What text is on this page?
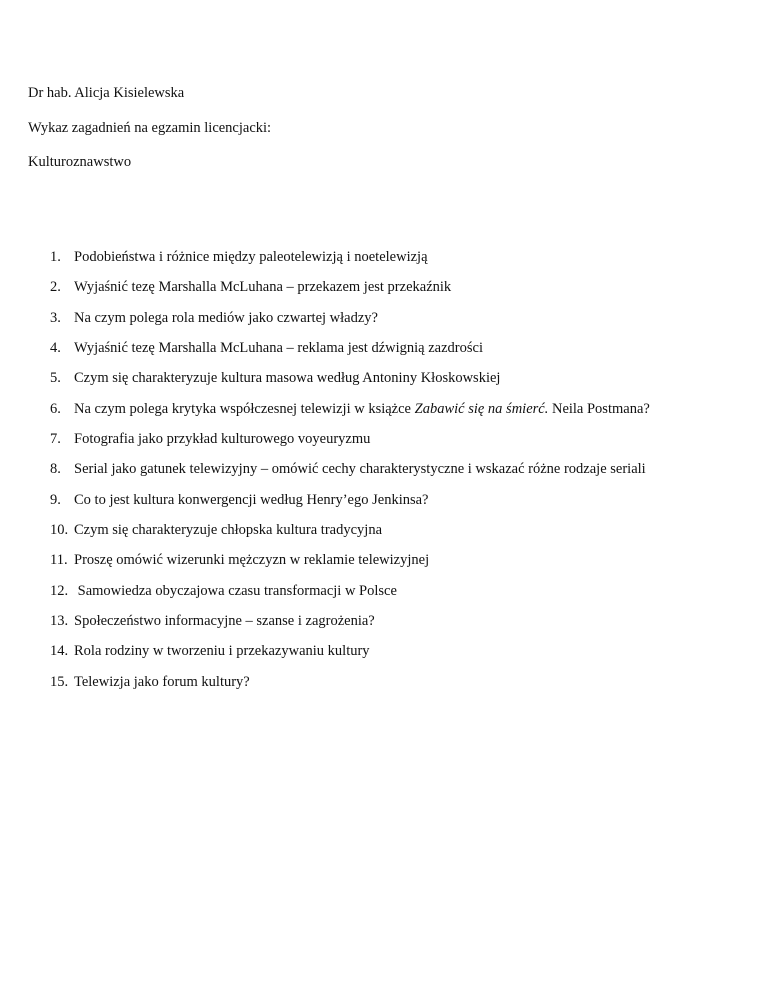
Dr hab. Alicja Kisielewska

Wykaz zagadnień na egzamin licencjacki:

Kulturoznawstwo

1. Podobieństwa i różnice między paleotelewizją i noetelewizją
2. Wyjaśnić tezę Marshalla McLuhana – przekazem jest przekaźnik
3. Na czym polega rola mediów jako czwartej władzy?
4. Wyjaśnić tezę Marshalla McLuhana – reklama jest dźwignią zazdrości
5. Czym się charakteryzuje kultura masowa według Antoniny Kłoskowskiej
6. Na czym polega krytyka współczesnej telewizji w książce Zabawić się na śmierć. Neila Postmana?
7. Fotografia jako przykład kulturowego voyeuryzmu
8. Serial jako gatunek telewizyjny – omówić cechy charakterystyczne i wskazać różne rodzaje seriali
9. Co to jest kultura konwergencji według Henry’ego Jenkinsa?
10. Czym się charakteryzuje chłopska kultura tradycyjna
11. Proszę omówić wizerunki mężczyzn w reklamie telewizyjnej
12. Samowiedza obyczajowa czasu transformacji w Polsce
13. Społeczeństwo informacyjne – szanse i zagrożenia?
14. Rola rodziny w tworzeniu i przekazywaniu kultury
15. Telewizja jako forum kultury?
